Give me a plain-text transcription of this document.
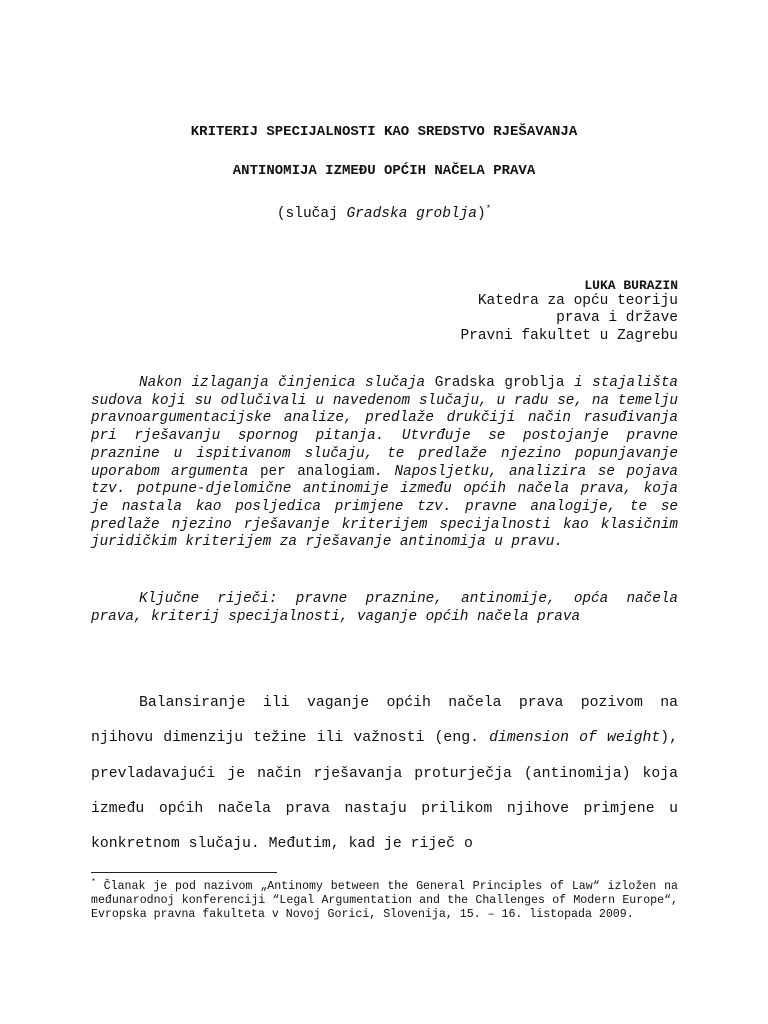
KRITERIJ SPECIJALNOSTI KAO SREDSTVO RJEŠAVANJA
ANTINOMIJA IZMEĐU OPĆIH NAČELA PRAVA
(slučaj Gradska groblja)*
LUKA BURAZIN
Katedra za opću teoriju
prava i države
Pravni fakultet u Zagrebu

Nakon izlaganja činjenica slučaja Gradska groblja i stajališta sudova koji su odlučivali u navedenom slučaju, u radu se, na temelju pravnoargumentacijske analize, predlaže drukčiji način rasuđivanja pri rješavanju spornog pitanja. Utvrđuje se postojanje pravne praznine u ispitivanom slučaju, te predlaže njezino popunjavanje uporabom argumenta per analogiam. Naposljetku, analizira se pojava tzv. potpune-djelomične antinomije između općih načela prava, koja je nastala kao posljedica primjene tzv. pravne analogije, te se predlaže njezino rješavanje kriterijem specijalnosti kao klasičnim juridičkim kriterijem za rješavanje antinomija u pravu.

Ključne riječi: pravne praznine, antinomije, opća načela prava, kriterij specijalnosti, vaganje općih načela prava

Balansiranje ili vaganje općih načela prava pozivom na njihovu dimenziju težine ili važnosti (eng. dimension of weight), prevladavajući je način rješavanja proturječja (antinomija) koja između općih načela prava nastaju prilikom njihove primjene u konkretnom slučaju. Međutim, kad je riječ o

* Članak je pod nazivom „Antinomy between the General Principles of Law“ izložen na međunarodnoj konferenciji “Legal Argumentation and the Challenges of Modern Europe“, Evropska pravna fakulteta v Novoj Gorici, Slovenija, 15. – 16. listopada 2009.
